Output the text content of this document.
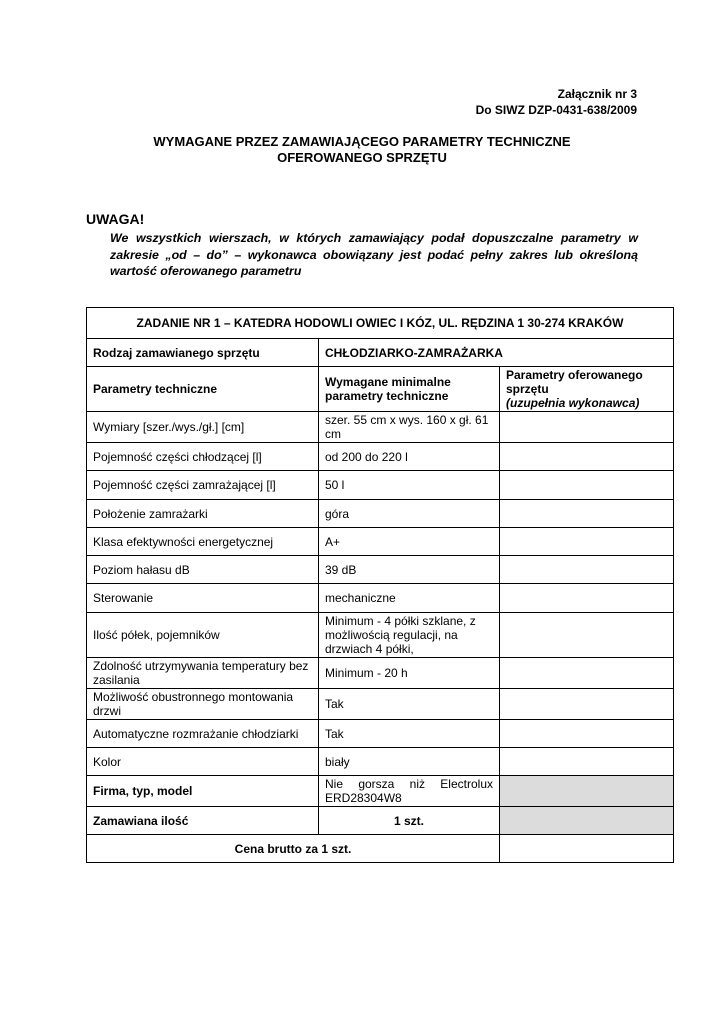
Załącznik nr 3
Do SIWZ DZP-0431-638/2009
WYMAGANE PRZEZ ZAMAWIAJĄCEGO PARAMETRY TECHNICZNE
OFEROWANEGO SPRZĘTU
UWAGA!
We wszystkich wierszach, w których zamawiający podał dopuszczalne parametry w zakresie „od – do” – wykonawca obowiązany jest podać pełny zakres lub określoną wartość oferowanego parametru
ZADANIE NR 1 – KATEDRA HODOWLI OWIEC I KÓZ, UL. RĘDZINA 1 30-274 KRAKÓW		
Rodzaj zamawianego sprzętu	CHŁODZIARKO-ZAMRAŻARKA	
Parametry techniczne	Wymagane minimalne parametry techniczne	Parametry oferowanego sprzętu
(uzupełnia wykonawca)

Wymiary [szer./wys./gł.] [cm]	szer. 55 cm x wys. 160 x gł. 61 cm	
Pojemność części chłodzącej [l]	od 200 do 220 l	
Pojemność części zamrażającej [l]	50 l	
Położenie zamrażarki	góra	
Klasa efektywności energetycznej	A+	
Poziom hałasu dB	39 dB	
Sterowanie	mechaniczne	
Ilość półek, pojemników	Minimum - 4 półki szklane, z możliwością regulacji, na drzwiach 4 półki,	
Zdolność utrzymywania temperatury bez zasilania	Minimum - 20 h	
Możliwość obustronnego montowania drzwi	Tak	
Automatyczne rozmrażanie chłodziarki	Tak	
Kolor	biały	
Firma, typ, model	Nie gorsza niż Electrolux ERD28304W8	
Zamawiana ilość	1 szt.	
Cena brutto za 1 szt.		
